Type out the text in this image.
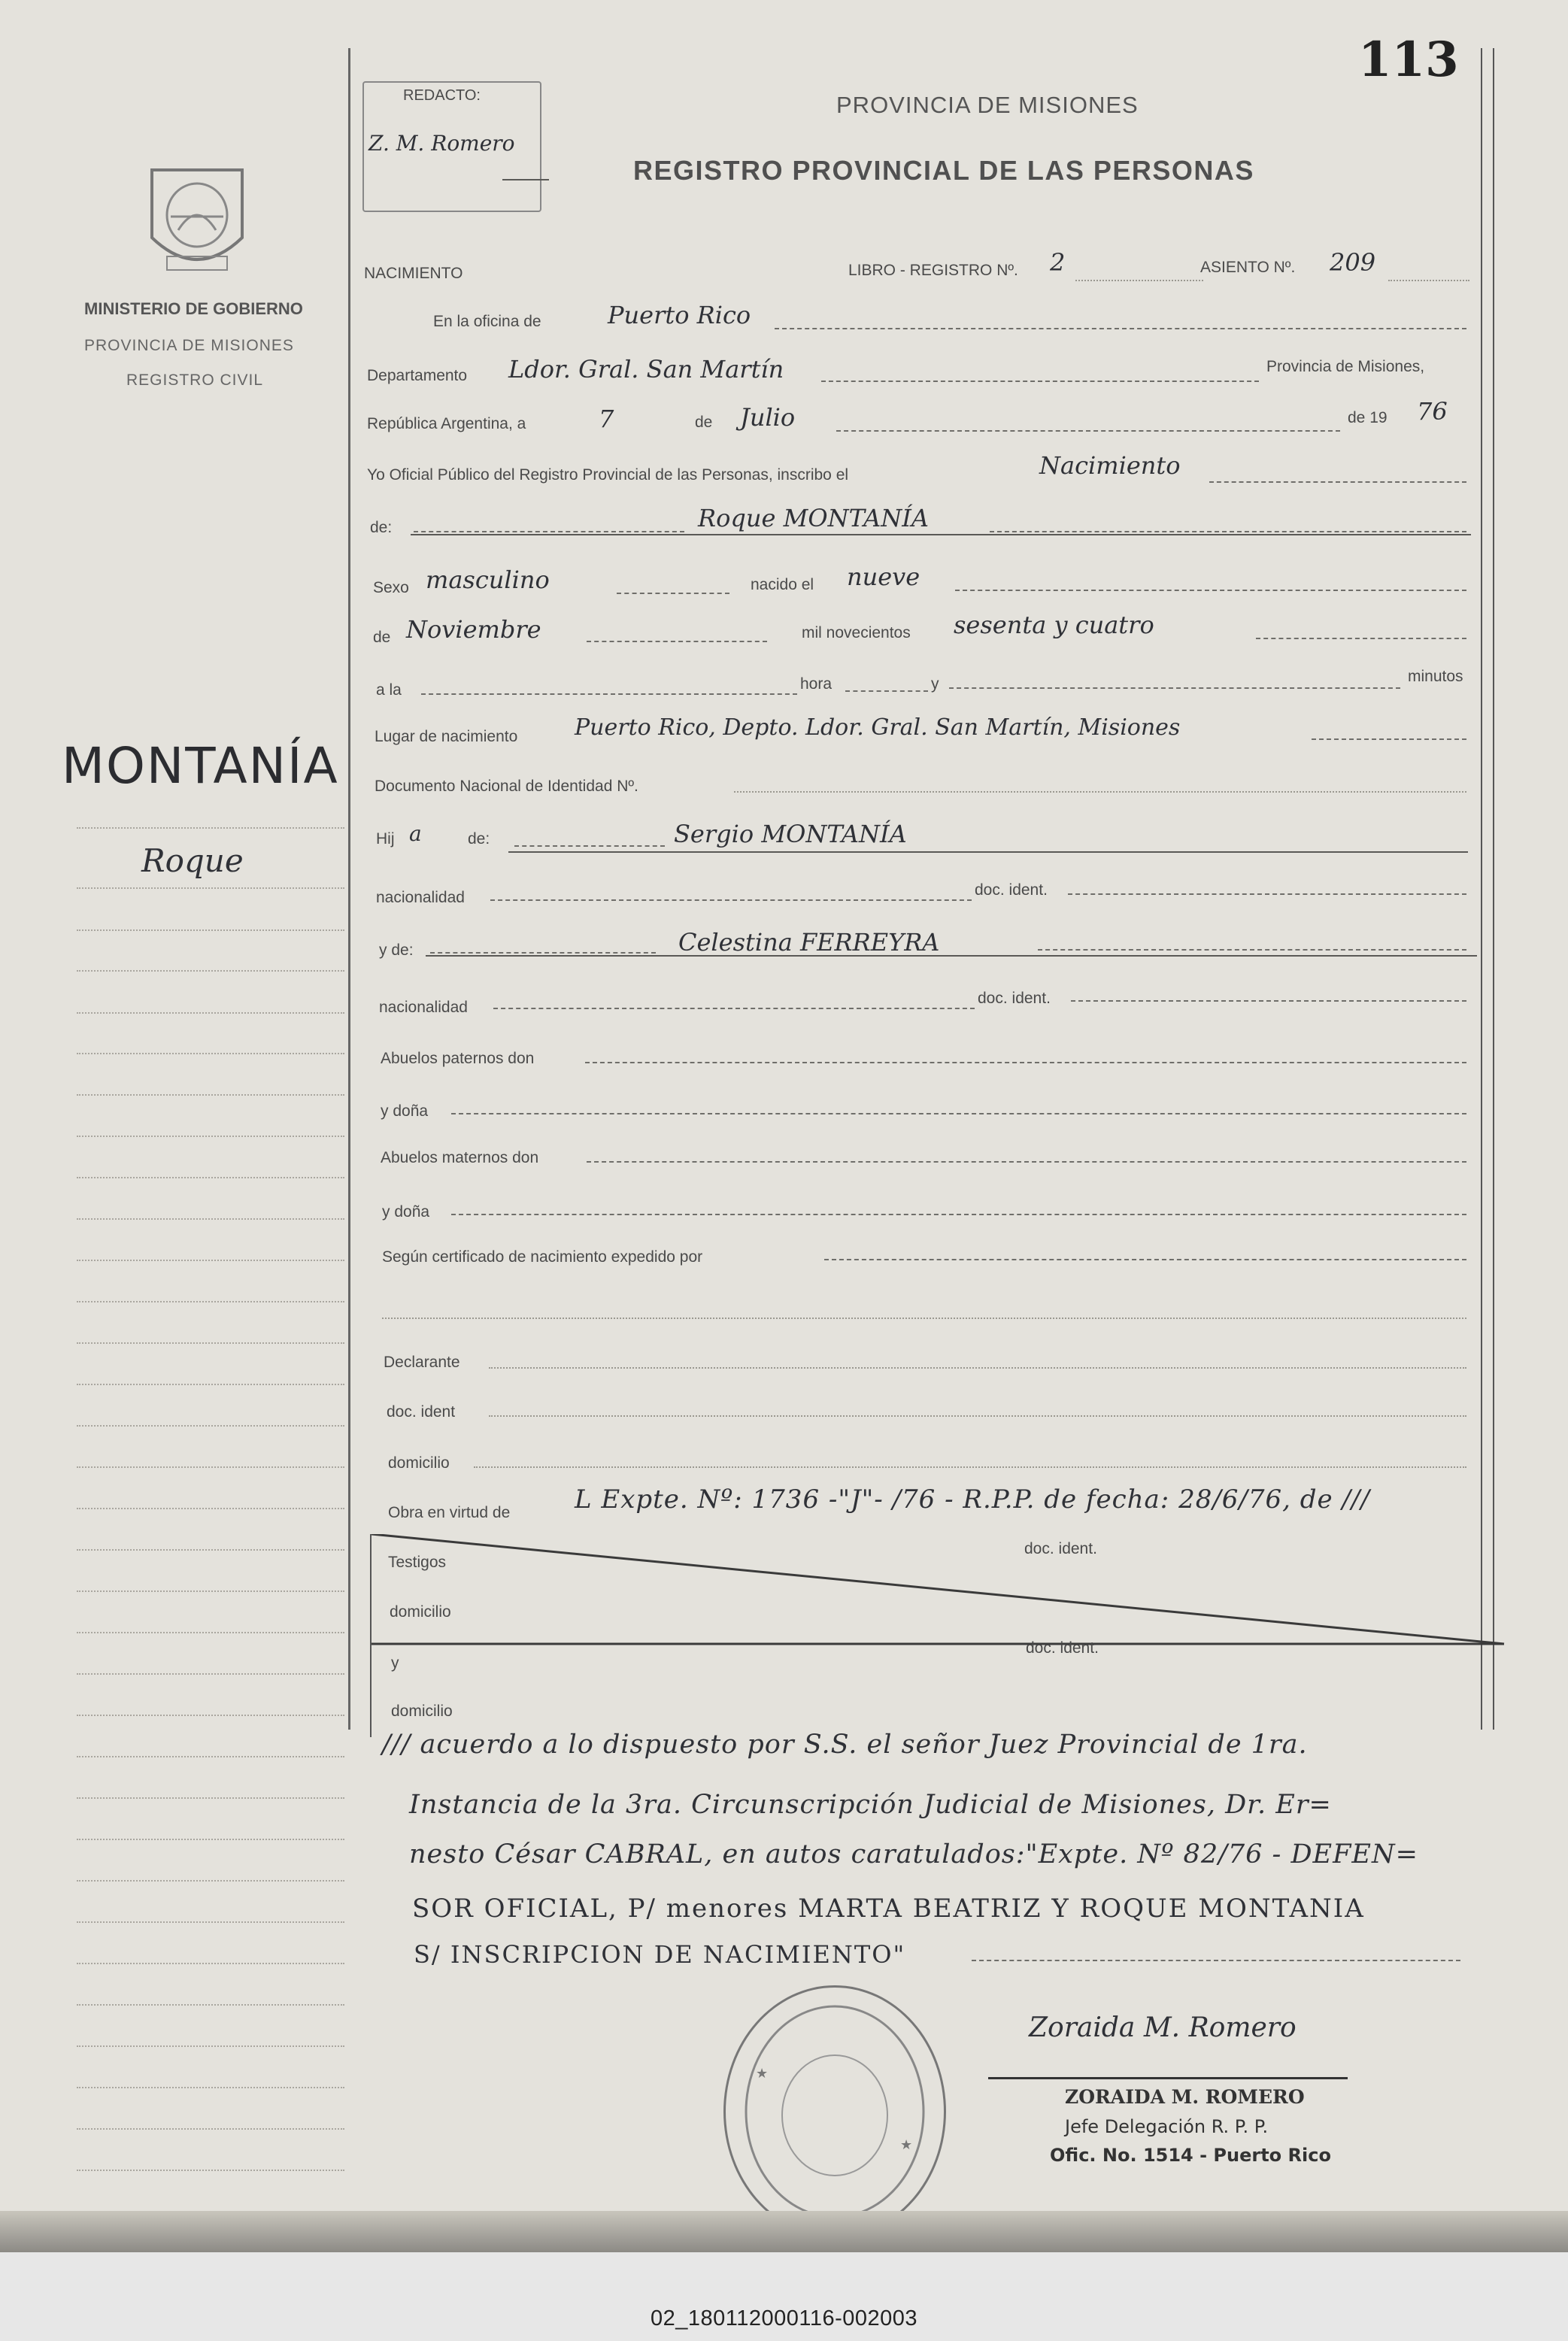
113
REDACTO:
Z. M. Romero
PROVINCIA DE MISIONES
REGISTRO PROVINCIAL DE LAS PERSONAS
MINISTERIO DE GOBIERNO
PROVINCIA DE MISIONES
REGISTRO CIVIL
MONTANÍA
Roque
NACIMIENTO	LIBRO - REGISTRO Nº. 2	ASIENTO Nº. 209
En la oficina de	Puerto Rico
Departamento Ldor. Gral. San Martín	Provincia de Misiones,
República Argentina, a	7	de Julio	de 19 76
Yo Oficial Público del Registro Provincial de las Personas, inscribo el	Nacimiento
de:	Roque MONTANÍA
Sexo masculino	nacido el nueve
de Noviembre	mil novecientos sesenta y cuatro
a la	hora	y	minutos
Lugar de nacimiento	Puerto Rico, Depto. Ldor. Gral. San Martín, Misiones
Documento Nacional de Identidad Nº.
Hij a	de:	Sergio MONTANÍA
nacionalidad	doc. ident.
y de:	Celestina FERREYRA
nacionalidad
doc. ident.
Abuelos paternos don
y doña
Abuelos maternos don
y doña
Según certificado de nacimiento expedido por
Declarante
doc. ident
domicilio
Obra en virtud de	L Expte. Nº: 1736 -"J"- /76 - R.P.P. de fecha: 28/6/76, de ///
Testigos
doc. ident.
domicilio
y
doc. ident.
domicilio
/// acuerdo a lo dispuesto por S.S. el señor Juez Provincial de 1ra.
Instancia de la 3ra. Circunscripción Judicial de Misiones, Dr. Er=
nesto César CABRAL, en autos caratulados:"Expte. Nº 82/76 - DEFEN=
SOR OFICIAL, P/ menores MARTA BEATRIZ Y ROQUE MONTANIA
S/ INSCRIPCION DE NACIMIENTO"
★
★
Zoraida M. Romero
ZORAIDA M. ROMERO
Jefe Delegación R. P. P.
Ofic. No. 1514 - Puerto Rico
02_180112000116-002003
